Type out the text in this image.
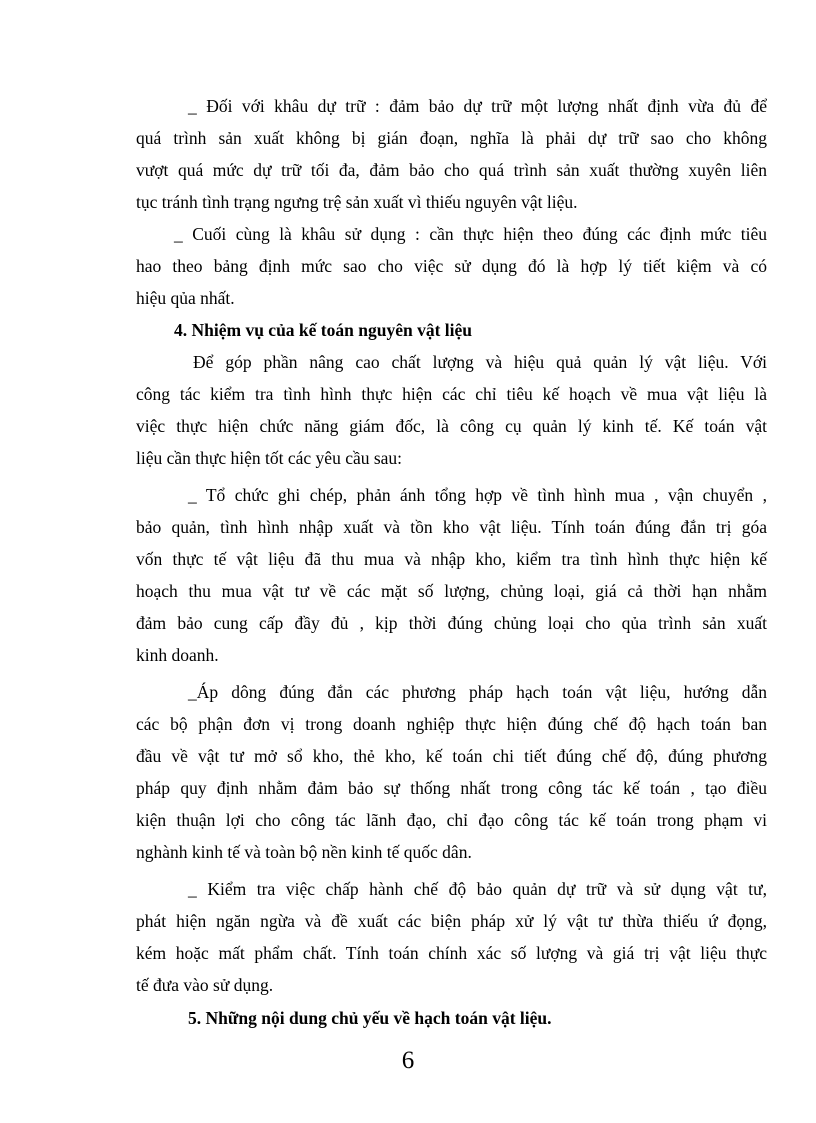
_ Đối với khâu dự trữ : đảm bảo dự trữ một lượng nhất định vừa đủ để
quá trình sản xuất không bị gián đoạn, nghĩa là phải dự trữ sao cho không
vượt quá mức dự trữ tối đa, đảm bảo cho quá trình sản xuất thường xuyên liên
tục tránh tình trạng ngưng trệ sản xuất vì thiếu nguyên vật liệu.
_ Cuối cùng là khâu sử dụng : cần thực hiện theo đúng các định mức tiêu
hao theo bảng định mức sao cho việc sử dụng đó là hợp lý tiết kiệm và có
hiệu qủa nhất.
4. Nhiệm vụ của kế toán nguyên vật liệu
Để góp phần nâng cao chất lượng và hiệu quả quản lý vật liệu. Với
công tác kiểm tra tình hình thực hiện các chỉ tiêu kế hoạch về mua vật liệu là
việc thực hiện chức năng giám đốc, là công cụ quản lý kinh tế. Kế toán vật
liệu cần thực hiện tốt các yêu cầu sau:
_ Tổ chức ghi chép, phản ánh tổng hợp về tình hình mua , vận chuyển ,
bảo quản, tình hình nhập xuất và tồn kho vật liệu. Tính toán đúng đắn trị góa
vốn thực tế vật liệu đã thu mua và nhập kho, kiểm tra tình hình thực hiện kế
hoạch thu mua vật tư về các mặt số lượng, chủng loại, giá cả thời hạn nhằm
đảm bảo cung cấp đầy đủ , kịp thời đúng chủng loại cho qủa trình sản xuất
kinh doanh.
_Áp dông đúng đắn các phương pháp hạch toán vật liệu, hướng dẫn
các bộ phận đơn vị trong doanh nghiệp thực hiện đúng chế độ hạch toán ban
đầu về vật tư mở sổ kho, thẻ kho, kế toán chi tiết đúng chế độ, đúng phương
pháp quy định nhằm đảm bảo sự thống nhất trong công tác kế toán , tạo điều
kiện thuận lợi cho công tác lãnh đạo, chỉ đạo công tác kế toán trong phạm vi
nghành kinh tế và toàn bộ nền kinh tế quốc dân.
_ Kiểm tra việc chấp hành chế độ bảo quản dự trữ và sử dụng vật tư,
phát hiện ngăn ngừa và đề xuất các biện pháp xử lý vật tư thừa thiếu ứ đọng,
kém hoặc mất phẩm chất. Tính toán chính xác số lượng và giá trị vật liệu thực
tế đưa vào sử dụng.
5. Những nội dung chủ yếu về hạch toán vật liệu.
6
